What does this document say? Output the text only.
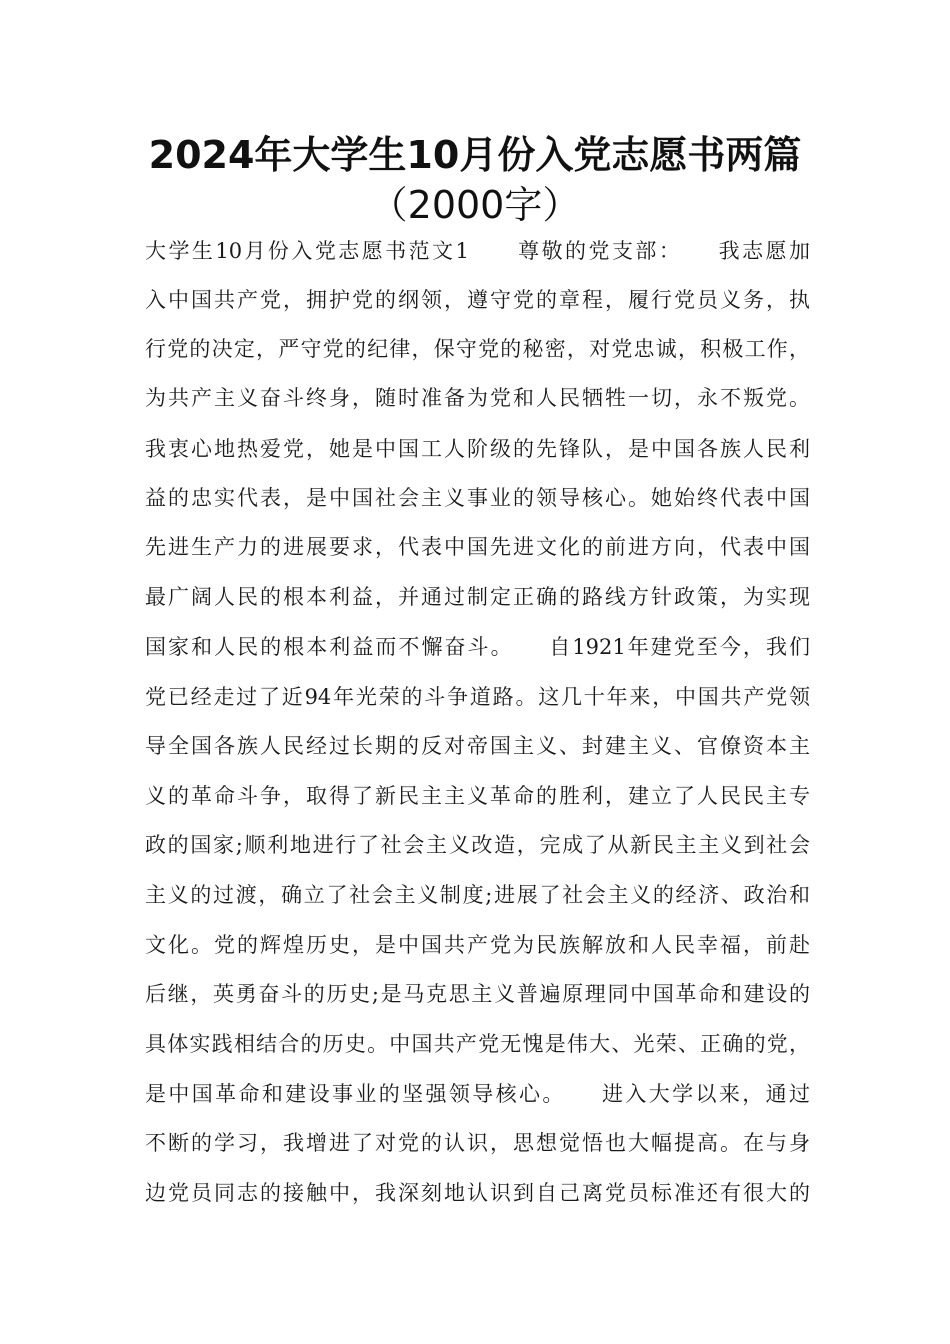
2024年大学生10月份入党志愿书两篇
（2000字）
大学生10月份入党志愿书范文1　　尊敬的党支部：　　我志愿加
入中国共产党，拥护党的纲领，遵守党的章程，履行党员义务，执
行党的决定，严守党的纪律，保守党的秘密，对党忠诚，积极工作，
为共产主义奋斗终身，随时准备为党和人民牺牲一切，永不叛党。
我衷心地热爱党，她是中国工人阶级的先锋队，是中国各族人民利
益的忠实代表，是中国社会主义事业的领导核心。她始终代表中国
先进生产力的进展要求，代表中国先进文化的前进方向，代表中国
最广阔人民的根本利益，并通过制定正确的路线方针政策，为实现
国家和人民的根本利益而不懈奋斗。　　自1921年建党至今，我们
党已经走过了近94年光荣的斗争道路。这几十年来，中国共产党领
导全国各族人民经过长期的反对帝国主义、封建主义、官僚资本主
义的革命斗争，取得了新民主主义革命的胜利，建立了人民民主专
政的国家;顺利地进行了社会主义改造，完成了从新民主主义到社会
主义的过渡，确立了社会主义制度;进展了社会主义的经济、政治和
文化。党的辉煌历史，是中国共产党为民族解放和人民幸福，前赴
后继，英勇奋斗的历史;是马克思主义普遍原理同中国革命和建设的
具体实践相结合的历史。中国共产党无愧是伟大、光荣、正确的党，
是中国革命和建设事业的坚强领导核心。　　进入大学以来，通过
不断的学习，我增进了对党的认识，思想觉悟也大幅提高。在与身
边党员同志的接触中，我深刻地认识到自己离党员标准还有很大的
